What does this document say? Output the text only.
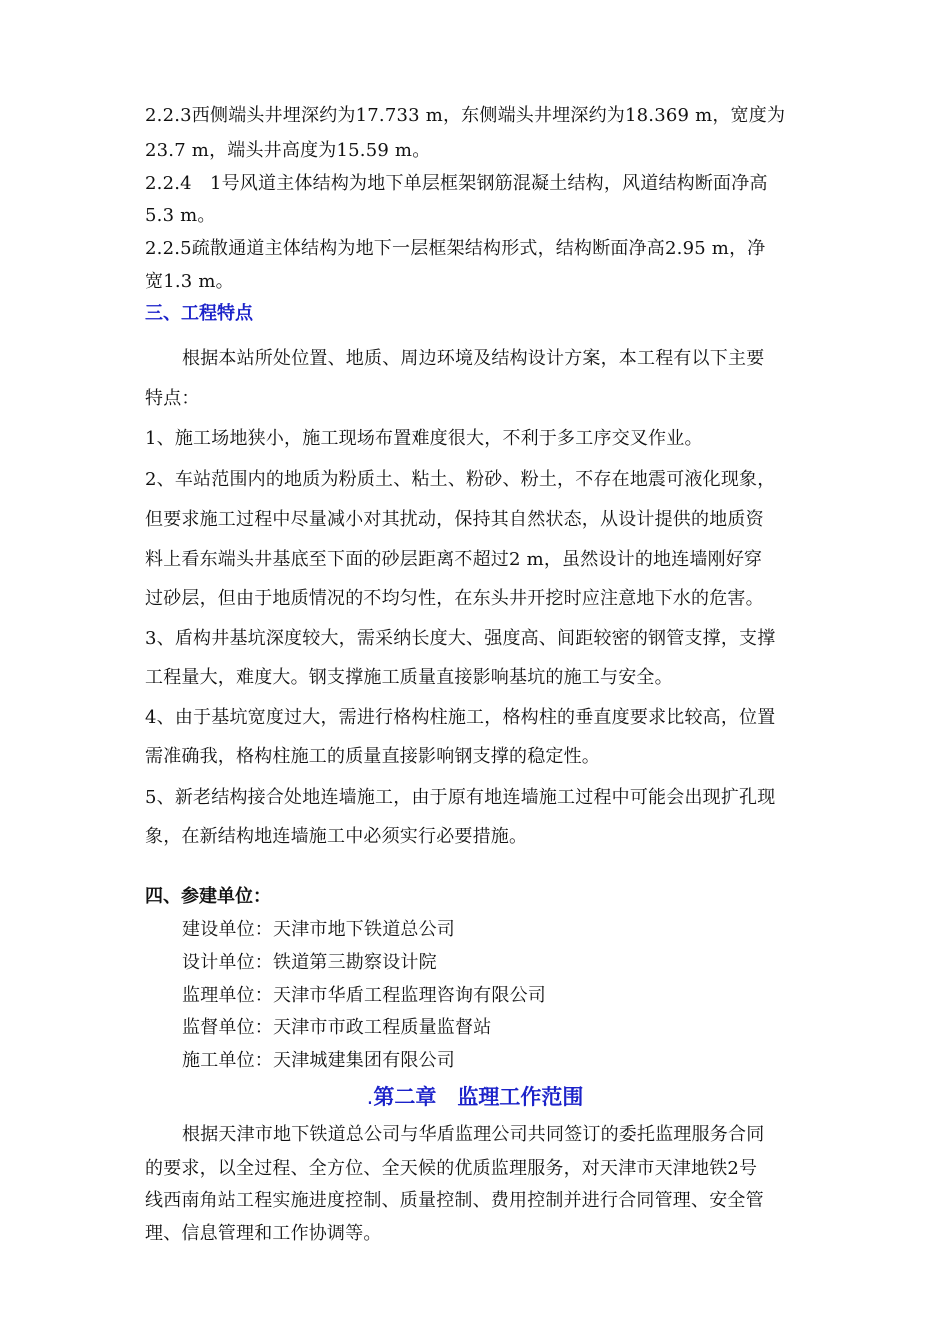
2.2.3西侧端头井埋深约为17.733 m，东侧端头井埋深约为18.369 m，宽度为
23.7 m，端头井高度为15.59 m。
2.2.4　1号风道主体结构为地下单层框架钢筋混凝土结构，风道结构断面净高
5.3 m。
2.2.5疏散通道主体结构为地下一层框架结构形式，结构断面净高2.95 m，净
宽1.3 m。
三、工程特点
根据本站所处位置、地质、周边环境及结构设计方案，本工程有以下主要
特点：
1、施工场地狭小，施工现场布置难度很大，不利于多工序交叉作业。
2、车站范围内的地质为粉质土、粘土、粉砂、粉土，不存在地震可液化现象，
但要求施工过程中尽量减小对其扰动，保持其自然状态，从设计提供的地质资
料上看东端头井基底至下面的砂层距离不超过2 m，虽然设计的地连墙刚好穿
过砂层，但由于地质情况的不均匀性，在东头井开挖时应注意地下水的危害。
3、盾构井基坑深度较大，需采纳长度大、强度高、间距较密的钢管支撑，支撑
工程量大，难度大。钢支撑施工质量直接影响基坑的施工与安全。
4、由于基坑宽度过大，需进行格构柱施工，格构柱的垂直度要求比较高，位置
需准确我，格构柱施工的质量直接影响钢支撑的稳定性。
5、新老结构接合处地连墙施工，由于原有地连墙施工过程中可能会出现扩孔现
象，在新结构地连墙施工中必须实行必要措施。
四、参建单位：
建设单位：天津市地下铁道总公司
设计单位：铁道第三勘察设计院
监理单位：天津市华盾工程监理咨询有限公司
监督单位：天津市市政工程质量监督站
施工单位：天津城建集团有限公司
.第二章　监理工作范围
根据天津市地下铁道总公司与华盾监理公司共同签订的委托监理服务合同
的要求，以全过程、全方位、全天候的优质监理服务，对天津市天津地铁2号
线西南角站工程实施进度控制、质量控制、费用控制并进行合同管理、安全管
理、信息管理和工作协调等。
